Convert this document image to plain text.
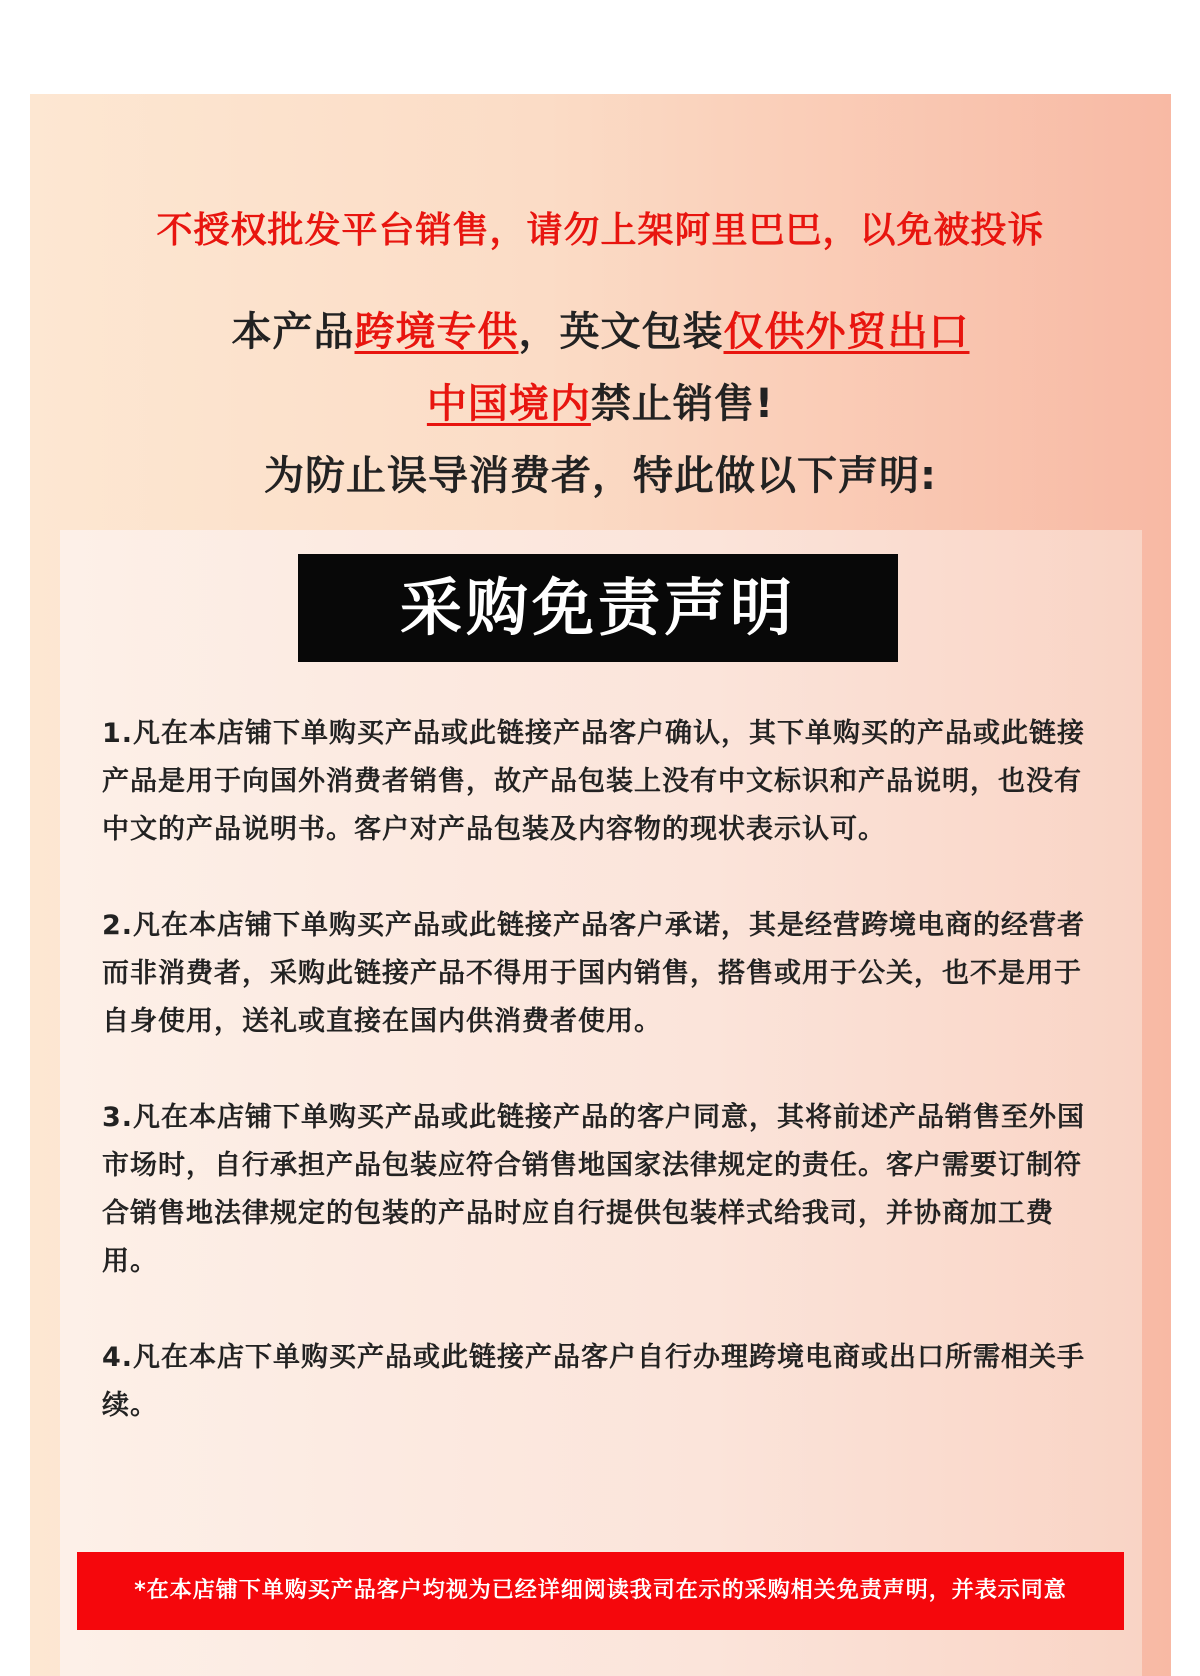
不授权批发平台销售，请勿上架阿里巴巴，以免被投诉
本产品跨境专供，英文包装仅供外贸出口
中国境内禁止销售!
为防止误导消费者，特此做以下声明:
采购免责声明

1.凡在本店铺下单购买产品或此链接产品客户确认，其下单购买的产品或此链接产品是用于向国外消费者销售，故产品包装上没有中文标识和产品说明，也没有中文的产品说明书。客户对产品包装及内容物的现状表示认可。

2.凡在本店铺下单购买产品或此链接产品客户承诺，其是经营跨境电商的经营者而非消费者，采购此链接产品不得用于国内销售，搭售或用于公关，也不是用于自身使用，送礼或直接在国内供消费者使用。

3.凡在本店铺下单购买产品或此链接产品的客户同意，其将前述产品销售至外国市场时，自行承担产品包装应符合销售地国家法律规定的责任。客户需要订制符合销售地法律规定的包装的产品时应自行提供包装样式给我司，并协商加工费用。

4.凡在本店下单购买产品或此链接产品客户自行办理跨境电商或出口所需相关手续。

*在本店铺下单购买产品客户均视为已经详细阅读我司在示的采购相关免责声明，并表示同意
